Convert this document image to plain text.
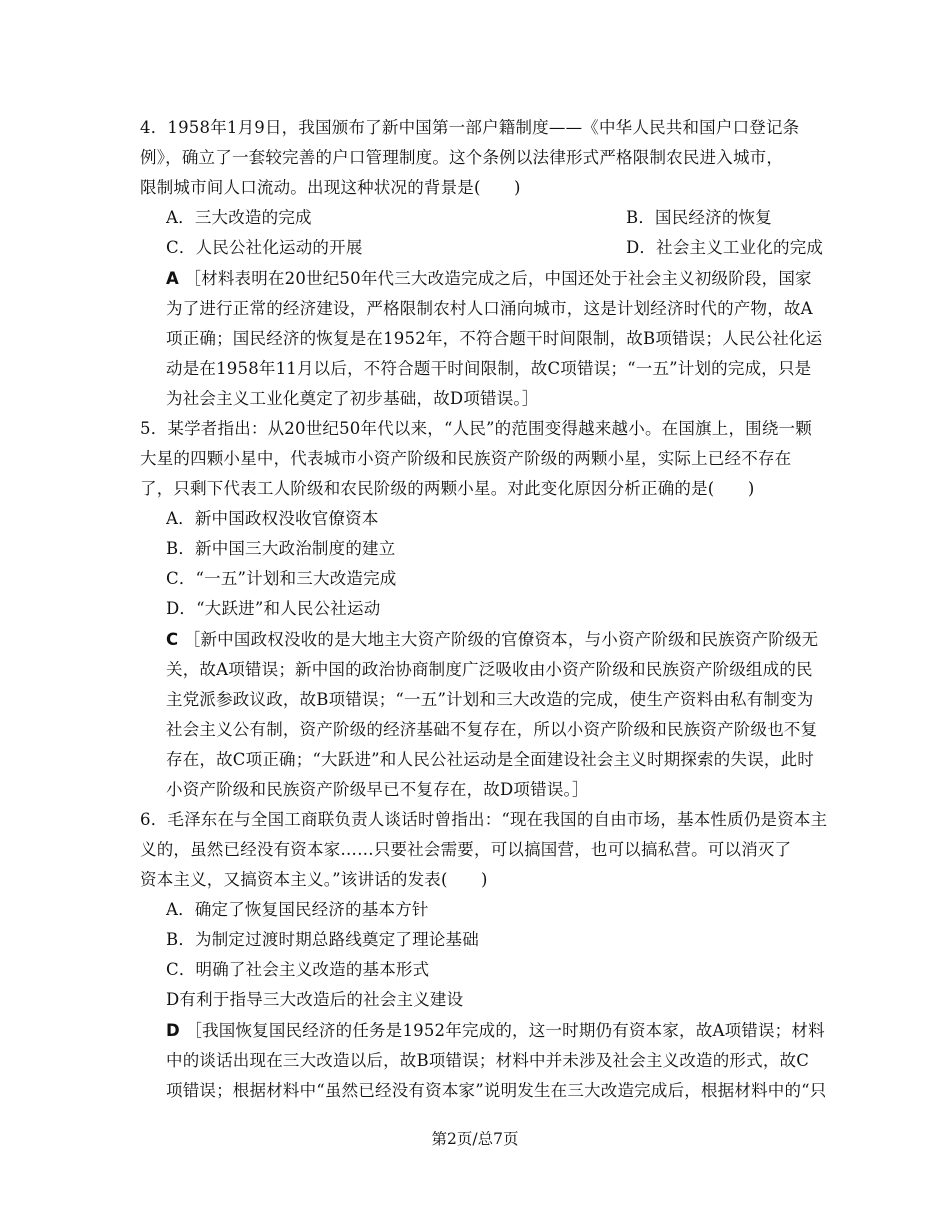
4．1958年1月9日，我国颁布了新中国第一部户籍制度——《中华人民共和国户口登记条
例》，确立了一套较完善的户口管理制度。这个条例以法律形式严格限制农民进入城市，
限制城市间人口流动。出现这种状况的背景是(　　)
A．三大改造的完成	B．国民经济的恢复
C．人民公社化运动的开展	D．社会主义工业化的完成
A ［材料表明在20世纪50年代三大改造完成之后，中国还处于社会主义初级阶段，国家
为了进行正常的经济建设，严格限制农村人口涌向城市，这是计划经济时代的产物，故A
项正确；国民经济的恢复是在1952年，不符合题干时间限制，故B项错误；人民公社化运
动是在1958年11月以后，不符合题干时间限制，故C项错误；“一五”计划的完成，只是
为社会主义工业化奠定了初步基础，故D项错误。］
5．某学者指出：从20世纪50年代以来，“人民”的范围变得越来越小。在国旗上，围绕一颗
大星的四颗小星中，代表城市小资产阶级和民族资产阶级的两颗小星，实际上已经不存在
了，只剩下代表工人阶级和农民阶级的两颗小星。对此变化原因分析正确的是(　　)
A．新中国政权没收官僚资本
B．新中国三大政治制度的建立
C．“一五”计划和三大改造完成
D．“大跃进”和人民公社运动
C ［新中国政权没收的是大地主大资产阶级的官僚资本，与小资产阶级和民族资产阶级无
关，故A项错误；新中国的政治协商制度广泛吸收由小资产阶级和民族资产阶级组成的民
主党派参政议政，故B项错误；“一五”计划和三大改造的完成，使生产资料由私有制变为
社会主义公有制，资产阶级的经济基础不复存在，所以小资产阶级和民族资产阶级也不复
存在，故C项正确；“大跃进”和人民公社运动是全面建设社会主义时期探索的失误，此时
小资产阶级和民族资产阶级早已不复存在，故D项错误。］
6．毛泽东在与全国工商联负责人谈话时曾指出：“现在我国的自由市场，基本性质仍是资本主
义的，虽然已经没有资本家……只要社会需要，可以搞国营，也可以搞私营。可以消灭了
资本主义，又搞资本主义。”该讲话的发表(　　)
A．确定了恢复国民经济的基本方针
B．为制定过渡时期总路线奠定了理论基础
C．明确了社会主义改造的基本形式
D有利于指导三大改造后的社会主义建设
D ［我国恢复国民经济的任务是1952年完成的，这一时期仍有资本家，故A项错误；材料
中的谈话出现在三大改造以后，故B项错误；材料中并未涉及社会主义改造的形式，故C
项错误；根据材料中“虽然已经没有资本家”说明发生在三大改造完成后，根据材料中的“只
第2页/总7页
